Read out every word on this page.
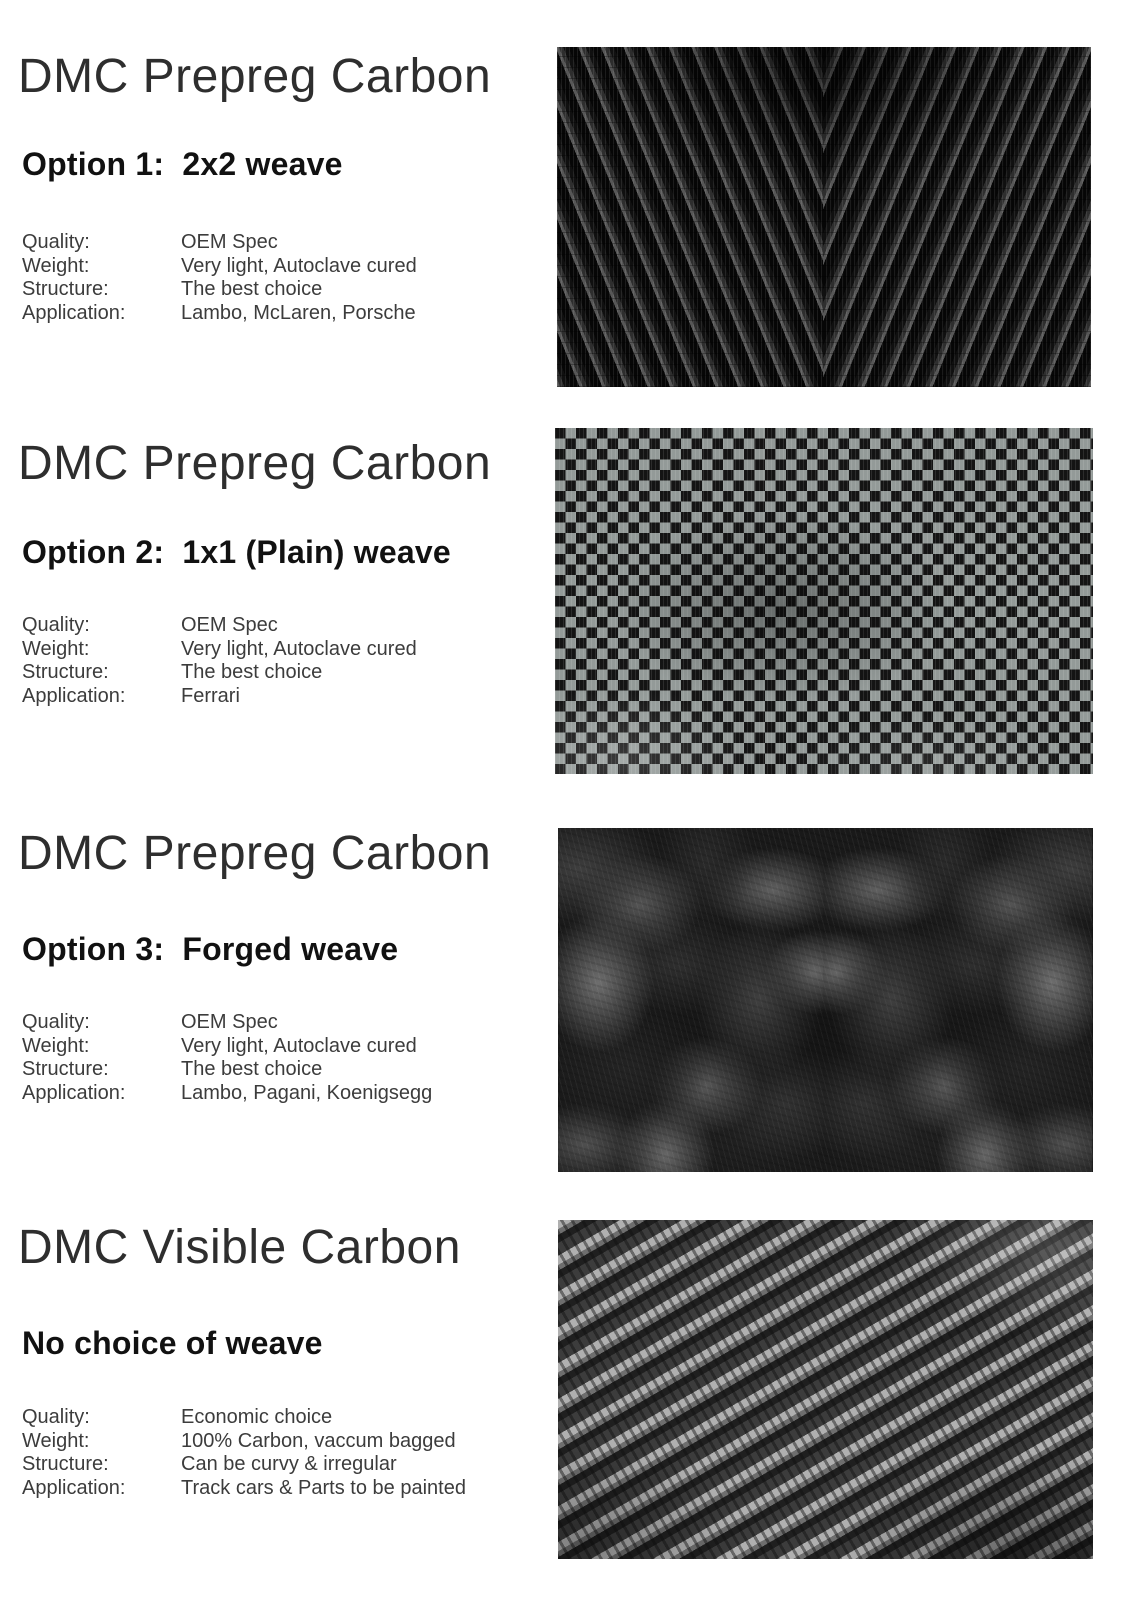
DMC Prepreg Carbon
Option 1:  2x2 weave
Quality:	OEM Spec
Weight:	Very light, Autoclave cured
Structure:	The best choice
Application:	Lambo, McLaren, Porsche
DMC Prepreg Carbon
Option 2:  1x1 (Plain) weave
Quality:	OEM Spec
Weight:	Very light, Autoclave cured
Structure:	The best choice
Application:	Ferrari
DMC Prepreg Carbon
Option 3:  Forged weave
Quality:	OEM Spec
Weight:	Very light, Autoclave cured
Structure:	The best choice
Application:	Lambo, Pagani, Koenigsegg
DMC Visible Carbon
No choice of weave
Quality:	Economic choice
Weight:	100% Carbon, vaccum bagged
Structure:	Can be curvy & irregular
Application:	Track cars & Parts to be painted
